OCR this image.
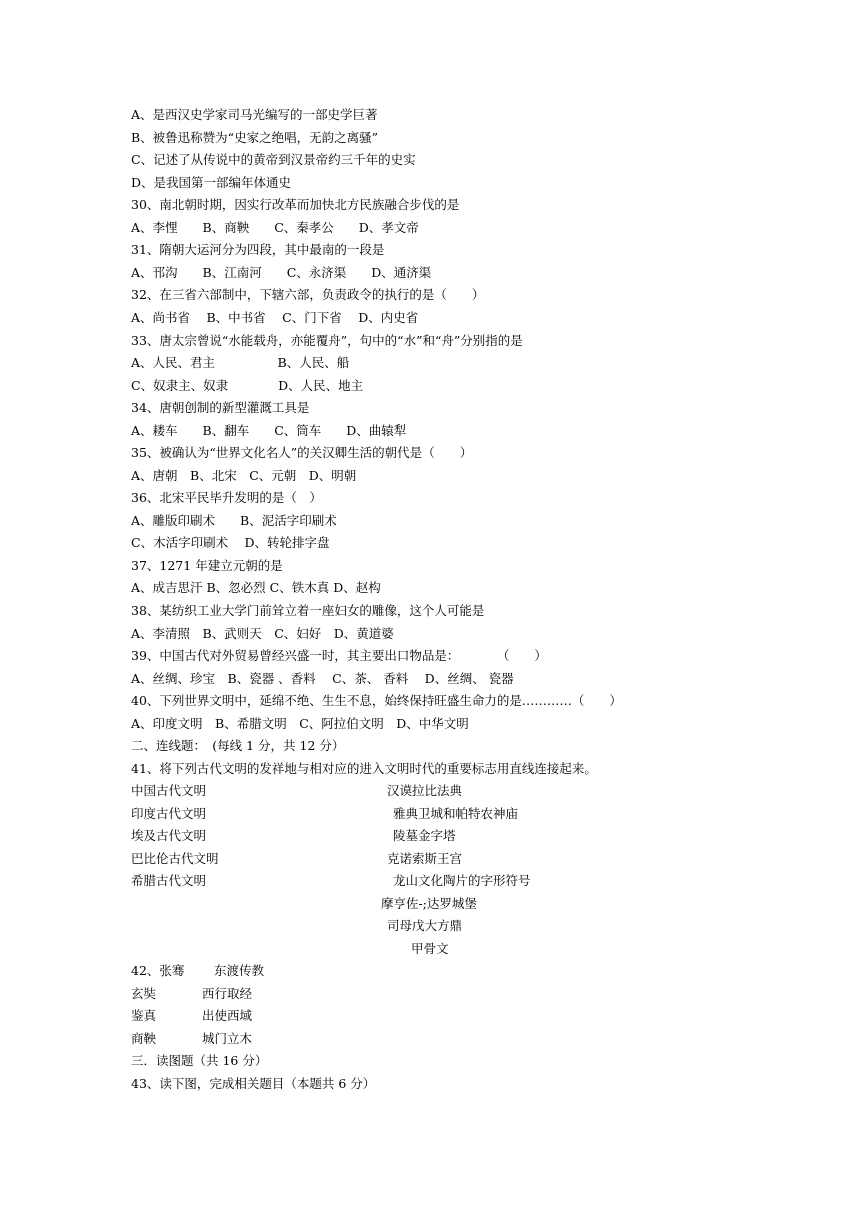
A、是西汉史学家司马光编写的一部史学巨著
B、被鲁迅称赞为“史家之绝唱，无韵之离骚”
C、记述了从传说中的黄帝到汉景帝约三千年的史实
D、是我国第一部编年体通史
30、南北朝时期，因实行改革而加快北方民族融合步伐的是
A、李悝　　B、商鞅　　C、秦孝公　　D、孝文帝
31、隋朝大运河分为四段，其中最南的一段是
A、邗沟　　B、江南河　　C、永济渠　　D、通济渠
32、在三省六部制中，下辖六部，负责政令的执行的是（　　）
A、尚书省　 B、中书省　 C、门下省　 D、内史省
33、唐太宗曾说“水能载舟，亦能覆舟”，句中的“水”和“舟”分别指的是
A、人民、君主　　　　　B、人民、船
C、奴隶主、奴隶　　　　D、人民、地主
34、唐朝创制的新型灌溉工具是
A、耧车　　B、翻车　　C、筒车　　D、曲辕犁
35、被确认为“世界文化名人”的关汉卿生活的朝代是（　　）
A、唐朝　B、北宋　C、元朝　D、明朝
36、北宋平民毕升发明的是（　）
A、雕版印刷术　　B、泥活字印刷术
C、木活字印刷术　 D、转轮排字盘
37、1271 年建立元朝的是
A、成吉思汗 B、忽必烈 C、铁木真 D、赵构
38、某纺织工业大学门前耸立着一座妇女的雕像，这个人可能是
A、李清照　B、武则天　C、妇好　D、黄道婆
39、中国古代对外贸易曾经兴盛一时，其主要出口物品是：　　　　（　　）
A、丝绸、珍宝　B、瓷器 、香料　 C、茶、 香料　 D、丝绸、 瓷器
40、下列世界文明中，延绵不绝、生生不息，始终保持旺盛生命力的是…………（　　）
A、印度文明　B、希腊文明　C、阿拉伯文明　D、中华文明
二、连线题：　(每线 1 分，共 12 分）
41、将下列古代文明的发祥地与相对应的进入文明时代的重要标志用直线连接起来。
中国古代文明
印度古代文明
埃及古代文明
巴比伦古代文明
希腊古代文明
汉谟拉比法典
雅典卫城和帕特农神庙
陵墓金字塔
克诺索斯王宫
龙山文化陶片的字形符号
摩亨佐-;达罗城堡
司母戊大方鼎
甲骨文
42、张骞 东渡传教
玄奘	西行取经
鉴真	出使西域
商鞅	城门立木
三．读图题（共 16 分）
43、读下图，完成相关题目（本题共 6 分）
